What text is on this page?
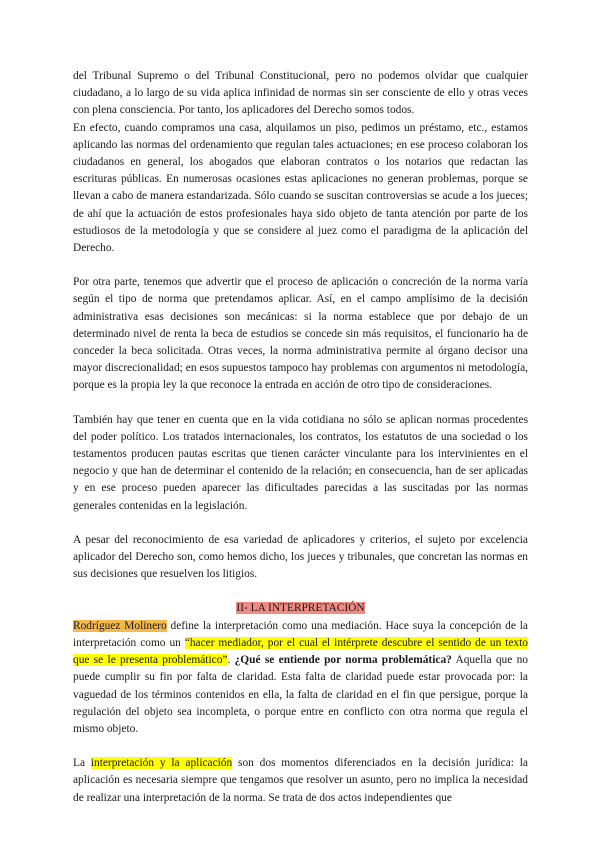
del Tribunal Supremo o del Tribunal Constitucional, pero no podemos olvidar que cualquier ciudadano, a lo largo de su vida aplica infinidad de normas sin ser consciente de ello y otras veces con plena consciencia. Por tanto, los aplicadores del Derecho somos todos.

En efecto, cuando compramos una casa, alquilamos un piso, pedimos un préstamo, etc., estamos aplicando las normas del ordenamiento que regulan tales actuaciones; en ese proceso colaboran los ciudadanos en general, los abogados que elaboran contratos o los notarios que redactan las escrituras públicas. En numerosas ocasiones estas aplicaciones no generan problemas, porque se llevan a cabo de manera estandarizada. Sólo cuando se suscitan controversias se acude a los jueces; de ahí que la actuación de estos profesionales haya sido objeto de tanta atención por parte de los estudiosos de la metodología y que se considere al juez como el paradigma de la aplicación del Derecho.

Por otra parte, tenemos que advertir que el proceso de aplicación o concreción de la norma varía según el tipo de norma que pretendamos aplicar. Así, en el campo amplísimo de la decisión administrativa esas decisiones son mecánicas: si la norma establece que por debajo de un determinado nivel de renta la beca de estudios se concede sin más requisitos, el funcionario ha de conceder la beca solicitada. Otras veces, la norma administrativa permite al órgano decisor una mayor discrecionalidad; en esos supuestos tampoco hay problemas con argumentos ni metodología, porque es la propia ley la que reconoce la entrada en acción de otro tipo de consideraciones.

También hay que tener en cuenta que en la vida cotidiana no sólo se aplican normas procedentes del poder político. Los tratados internacionales, los contratos, los estatutos de una sociedad o los testamentos producen pautas escritas que tienen carácter vinculante para los intervinientes en el negocio y que han de determinar el contenido de la relación; en consecuencia, han de ser aplicadas y en ese proceso pueden aparecer las dificultades parecidas a las suscitadas por las normas generales contenidas en la legislación.

A pesar del reconocimiento de esa variedad de aplicadores y criterios, el sujeto por excelencia aplicador del Derecho son, como hemos dicho, los jueces y tribunales, que concretan las normas en sus decisiones que resuelven los litigios.

II- LA INTERPRETACIÓN

Rodríguez Molinero define la interpretación como una mediación. Hace suya la concepción de la interpretación como un “hacer mediador, por el cual el intérprete descubre el sentido de un texto que se le presenta problemático”. ¿Qué se entiende por norma problemática? Aquella que no puede cumplir su fin por falta de claridad. Esta falta de claridad puede estar provocada por: la vaguedad de los términos contenidos en ella, la falta de claridad en el fin que persigue, porque la regulación del objeto sea incompleta, o porque entre en conflicto con otra norma que regula el mismo objeto.

La interpretación y la aplicación son dos momentos diferenciados en la decisión jurídica: la aplicación es necesaria siempre que tengamos que resolver un asunto, pero no implica la necesidad de realizar una interpretación de la norma. Se trata de dos actos independientes que
